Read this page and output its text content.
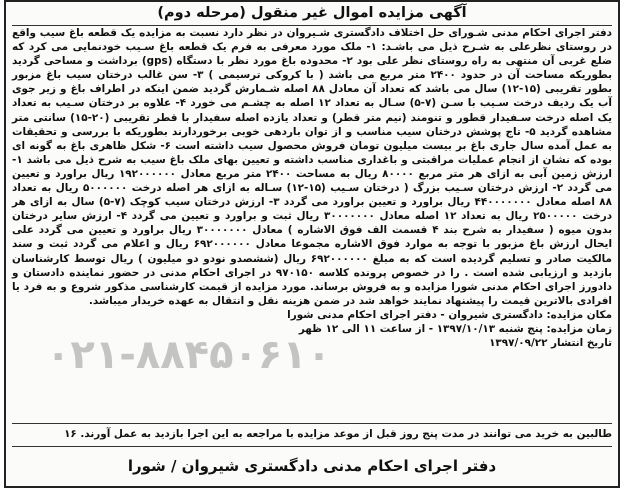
آگهی مزایده اموال غیر منقول (مرحله دوم)

دفتر اجرای احکام مدنی شـورای حل اختلاف دادگستری شـیروان در نظر دارد نسبت به مزایده یک قطعه باغ سیب واقع در روستای نظرعلی به شـرح ذیل می باشـد: ۱- ملک مورد معرفی به فرم یک قطعه باغ سـیب خودنمایی می کرد که ضلع غربی آن منتهی به راه روستای نظر علی بود ۲- محدوده باغ مورد نظر با دستگاه (gps) برداشت و مساحی گردید بطوریکه مساحت آن در حدود ۲۴۰۰ متر مربع می باشد ( با کروکی ترسیمی ) ۳- سن غالب درختان سیب باغ مزبور بطور تقریبی (۱۵-۱۲) سال می باشد که تعداد آن معادل ۸۸ اصله شـمارش گردید ضمن اینکه در اطراف باغ و زیر جوی آب یک ردیف درخت سـیب با سـن (۷-۵) سـال به تعداد ۱۲ اصله به چشـم می خورد ۴- علاوه بر درختان سـیب به تعداد یک اصله درخت سـفیدار قطور و تنومند (نیم متر قطر) و تعداد یازده اصله سفیدار با قطر تقریبی (۲۰-۱۵) سانتی متر مشاهده گردید ۵- تاج پوشش درختان سیب مناسب و از توان باردهی خوبی برخوردارند بطوریکه با بررسی و تحقیقات به عمل آمده سال جاری باغ بر بیست میلیون تومان فروش محصول سیب داشته است ۶- شکل ظاهری باغ به گونه ای بوده که نشان از انجام عملیات مراقبتی و باغداری مناسب داشته و تعیین بهای ملک باغ سیب به شرح ذیل می باشد ۱-ارزش زمین آبی به ازای هر متر مربع ۸۰۰۰۰ ریال به مساحت ۲۴۰۰ متر مربع معادل ۱۹۲۰۰۰۰۰۰ ریال براورد و تعیین می گردد ۲- ارزش درختان سـیب بزرگ ( درختان سـیب (۱۵-۱۲) سـاله به ازای هر اصله درخت ۵۰۰۰۰۰۰ ریال به تعداد ۸۸ اصله معادل ۴۴۰۰۰۰۰۰۰ ریال براورد و تعیین براورد می گردد ۳- ارزش درختان سیب کوچک (۷-۵) سال به ازای هر درخت ۲۵۰۰۰۰۰ ریال به تعداد ۱۲ اصله معادل ۳۰۰۰۰۰۰۰ ریال ثبت و براورد و تعیین می گردد ۴- ارزش سایر درختان بدون میوه ( سفیدار به شرح بند ۴ قسمت الف فوق الاشاره ) معادل ۳۰۰۰۰۰۰۰ ریال براورد و تعیین می گردد علی ایحال ارزش باغ مزبور با توجه به موارد فوق الاشاره مجموعا معادل ۶۹۲۰۰۰۰۰۰ ریال و اعلام می گردد ثبت و سند مالکیت صادر و تسلیم گردیده است که به مبلغ ۶۹۲۰۰۰۰۰۰ ریال (ششصدو نودو دو میلیون ) ریال توسط کارشناسان بازدید و ارزیابی شده است . را در خصوص پرونده کلاسه ۹۷۰۱۵۰ در اجرای احکام مدنی در حضور نماینده دادستان و دادورز اجرای احکام مدنی شورا مزایده و به فروش برساند. مورد مزایده از قیمت کارشناسی مذکور شروع و به فرد یا افرادی بالاترین قیمت را پیشنهاد نمایند خواهد شد در ضمن هزینه نقل و انتقال به عهده خریدار میباشد.
مکان مزایده: دادگستری شیروان - دفتر اجرای احکام مدنی شورا
زمان مزایده: پنج شنبه ۱۳۹۷/۱۰/۱۳ - از ساعت ۱۱ الی ۱۲ ظهر
تاریخ انتشار ۱۳۹۷/۰۹/۲۲

۰۲۱-۸۸۴۵۰۶۱۰
طالبین به خرید می توانند در مدت پنج روز قبل از موعد مزایده با مراجعه به این اجرا بازدید به عمل آورند. ۱۶
دفتر اجرای احکام مدنی دادگستری شیروان / شورا
